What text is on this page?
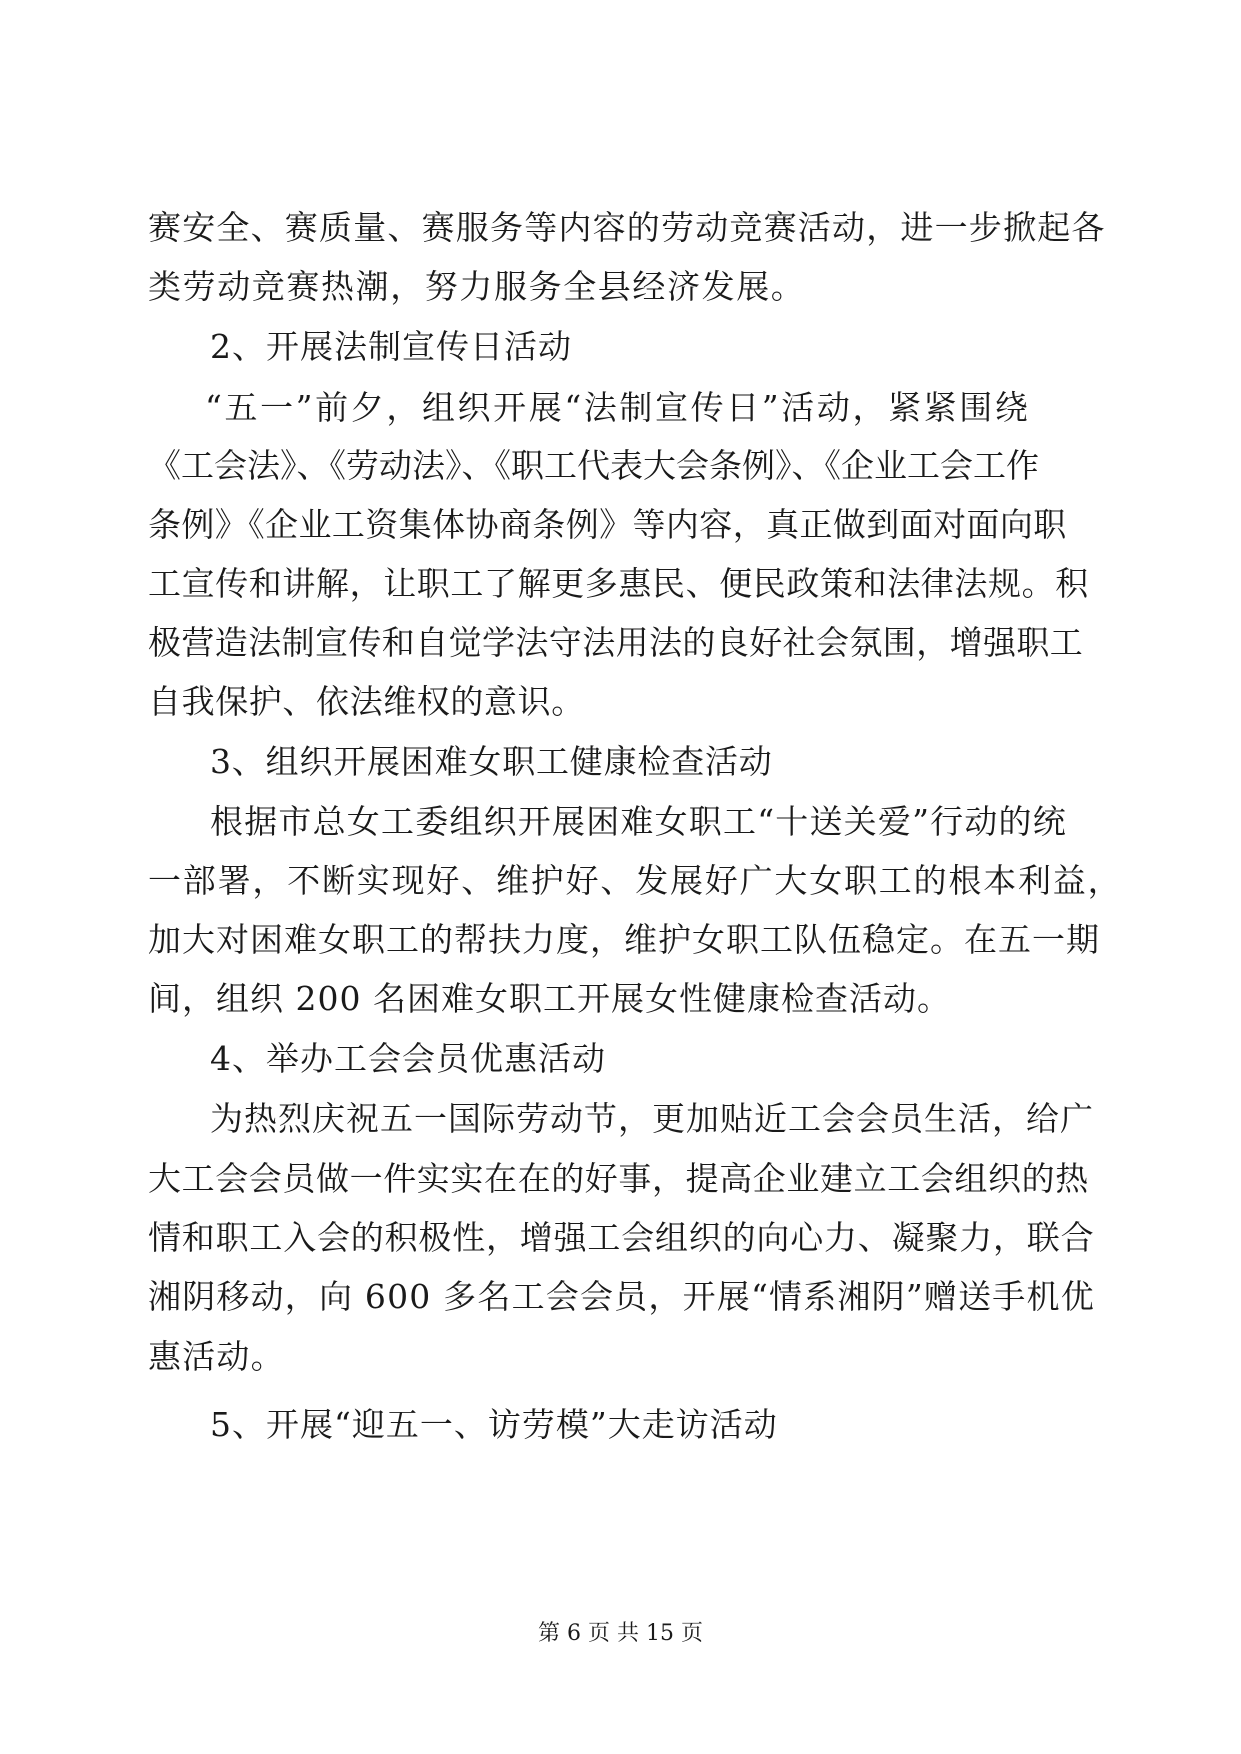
赛安全、赛质量、赛服务等内容的劳动竞赛活动，进一步掀起各
类劳动竞赛热潮，努力服务全县经济发展。
2、开展法制宣传日活动
“五一”前夕，组织开展“法制宣传日”活动，紧紧围绕
《工会法》、《劳动法》、《职工代表大会条例》、《企业工会工作
条例》《企业工资集体协商条例》等内容，真正做到面对面向职
工宣传和讲解，让职工了解更多惠民、便民政策和法律法规。积
极营造法制宣传和自觉学法守法用法的良好社会氛围，增强职工
自我保护、依法维权的意识。
3、组织开展困难女职工健康检查活动
根据市总女工委组织开展困难女职工“十送关爱”行动的统
一部署，不断实现好、维护好、发展好广大女职工的根本利益，
加大对困难女职工的帮扶力度，维护女职工队伍稳定。在五一期
间，组织 200 名困难女职工开展女性健康检查活动。
4、举办工会会员优惠活动
为热烈庆祝五一国际劳动节，更加贴近工会会员生活，给广
大工会会员做一件实实在在的好事，提高企业建立工会组织的热
情和职工入会的积极性，增强工会组织的向心力、凝聚力，联合
湘阴移动，向 600 多名工会会员，开展“情系湘阴”赠送手机优
惠活动。
5、开展“迎五一、访劳模”大走访活动
第 6 页 共 15 页
